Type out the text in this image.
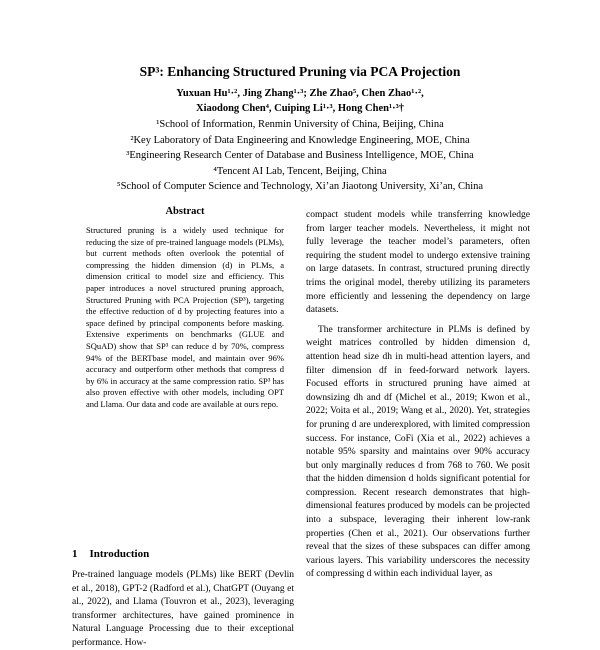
SP³: Enhancing Structured Pruning via PCA Projection
Yuxuan Hu¹·², Jing Zhang¹·³; Zhe Zhao⁵, Chen Zhao¹·²,
Xiaodong Chen⁴, Cuiping Li¹·³, Hong Chen¹·³†
¹School of Information, Renmin University of China, Beijing, China
²Key Laboratory of Data Engineering and Knowledge Engineering, MOE, China
³Engineering Research Center of Database and Business Intelligence, MOE, China
⁴Tencent AI Lab, Tencent, Beijing, China
⁵School of Computer Science and Technology, Xi’an Jiaotong University, Xi’an, China
Abstract

Structured pruning is a widely used technique for reducing the size of pre-trained language models (PLMs), but current methods often overlook the potential of compressing the hidden dimension (d) in PLMs, a dimension critical to model size and efficiency. This paper introduces a novel structured pruning approach, Structured Pruning with PCA Projection (SP³), targeting the effective reduction of d by projecting features into a space defined by principal components before masking. Extensive experiments on benchmarks (GLUE and SQuAD) show that SP³ can reduce d by 70%, compress 94% of the BERTbase model, and maintain over 96% accuracy and outperform other methods that compress d by 6% in accuracy at the same compression ratio. SP³ has also proven effective with other models, including OPT and Llama. Our data and code are available at ours repo.

1 Introduction

Pre-trained language models (PLMs) like BERT (Devlin et al., 2018), GPT-2 (Radford et al.), ChatGPT (Ouyang et al., 2022), and Llama (Touvron et al., 2023), leveraging transformer architectures, have gained prominence in Natural Language Processing due to their exceptional performance. How-

compact student models while transferring knowledge from larger teacher models. Nevertheless, it might not fully leverage the teacher model’s parameters, often requiring the student model to undergo extensive training on large datasets. In contrast, structured pruning directly trims the original model, thereby utilizing its parameters more efficiently and lessening the dependency on large datasets.

The transformer architecture in PLMs is defined by weight matrices controlled by hidden dimension d, attention head size dh in multi-head attention layers, and filter dimension df in feed-forward network layers. Focused efforts in structured pruning have aimed at downsizing dh and df (Michel et al., 2019; Kwon et al., 2022; Voita et al., 2019; Wang et al., 2020). Yet, strategies for pruning d are underexplored, with limited compression success. For instance, CoFi (Xia et al., 2022) achieves a notable 95% sparsity and maintains over 90% accuracy but only marginally reduces d from 768 to 760. We posit that the hidden dimension d holds significant potential for compression. Recent research demonstrates that high-dimensional features produced by models can be projected into a subspace, leveraging their inherent low-rank properties (Chen et al., 2021). Our observations further reveal that the sizes of these subspaces can differ among various layers. This variability underscores the necessity of compressing d within each individual layer, as
